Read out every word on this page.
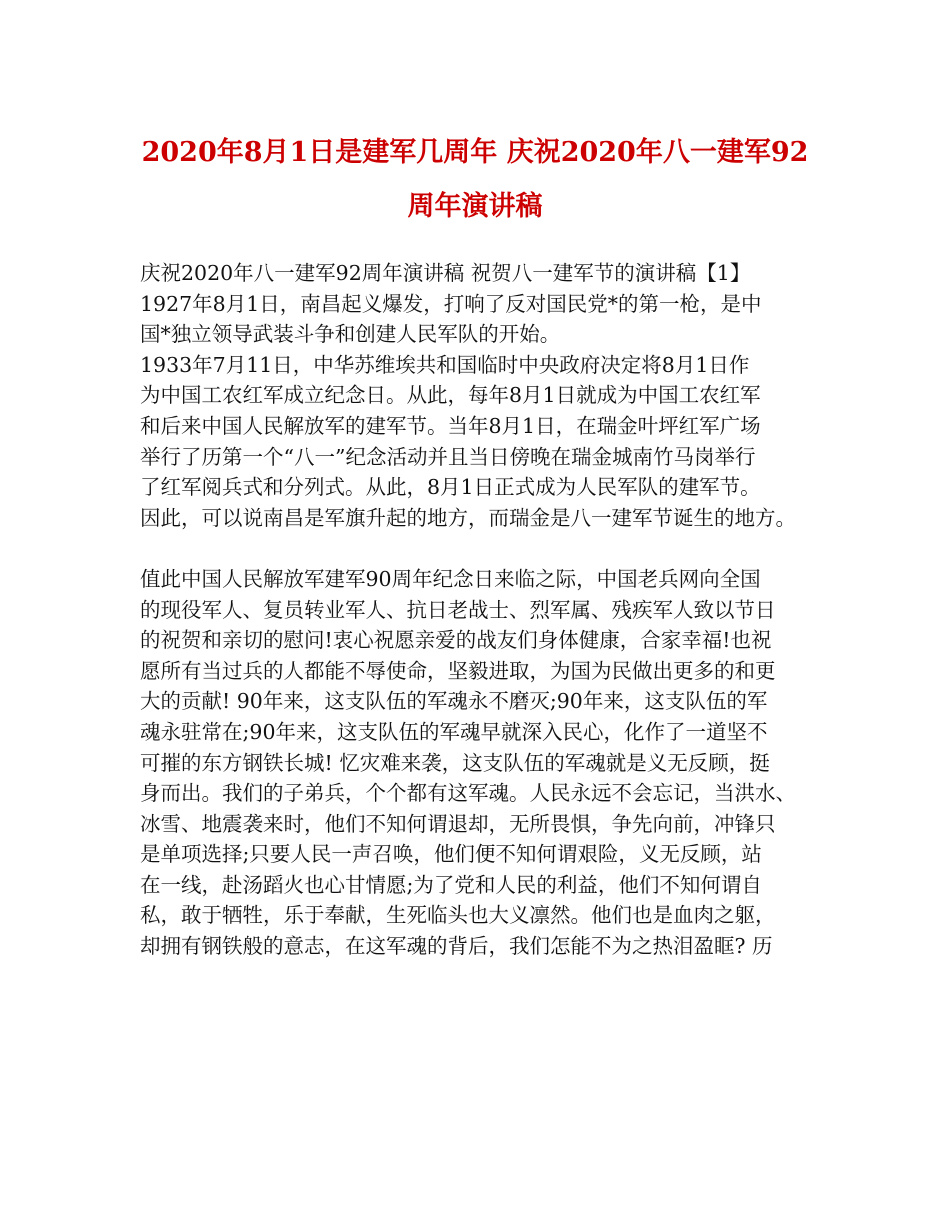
2020年8月1日是建军几周年 庆祝2020年八一建军92
周年演讲稿

庆祝2020年八一建军92周年演讲稿 祝贺八一建军节的演讲稿【1】
1927年8月1日，南昌起义爆发，打响了反对国民党*的第一枪，是中
国*独立领导武装斗争和创建人民军队的开始。
1933年7月11日，中华苏维埃共和国临时中央政府决定将8月1日作
为中国工农红军成立纪念日。从此，每年8月1日就成为中国工农红军
和后来中国人民解放军的建军节。当年8月1日，在瑞金叶坪红军广场
举行了历第一个“八一”纪念活动并且当日傍晚在瑞金城南竹马岗举行
了红军阅兵式和分列式。从此，8月1日正式成为人民军队的建军节。
因此，可以说南昌是军旗升起的地方，而瑞金是八一建军节诞生的地方。

值此中国人民解放军建军90周年纪念日来临之际，中国老兵网向全国
的现役军人、复员转业军人、抗日老战士、烈军属、残疾军人致以节日
的祝贺和亲切的慰问!衷心祝愿亲爱的战友们身体健康，合家幸福!也祝
愿所有当过兵的人都能不辱使命，坚毅进取，为国为民做出更多的和更
大的贡献! 90年来，这支队伍的军魂永不磨灭;90年来，这支队伍的军
魂永驻常在;90年来，这支队伍的军魂早就深入民心，化作了一道坚不
可摧的东方钢铁长城! 忆灾难来袭，这支队伍的军魂就是义无反顾，挺
身而出。我们的子弟兵，个个都有这军魂。人民永远不会忘记，当洪水、
冰雪、地震袭来时，他们不知何谓退却，无所畏惧，争先向前，冲锋只
是单项选择;只要人民一声召唤，他们便不知何谓艰险，义无反顾，站
在一线，赴汤蹈火也心甘情愿;为了党和人民的利益，他们不知何谓自
私，敢于牺牲，乐于奉献，生死临头也大义凛然。他们也是血肉之躯，
却拥有钢铁般的意志，在这军魂的背后，我们怎能不为之热泪盈眶? 历
